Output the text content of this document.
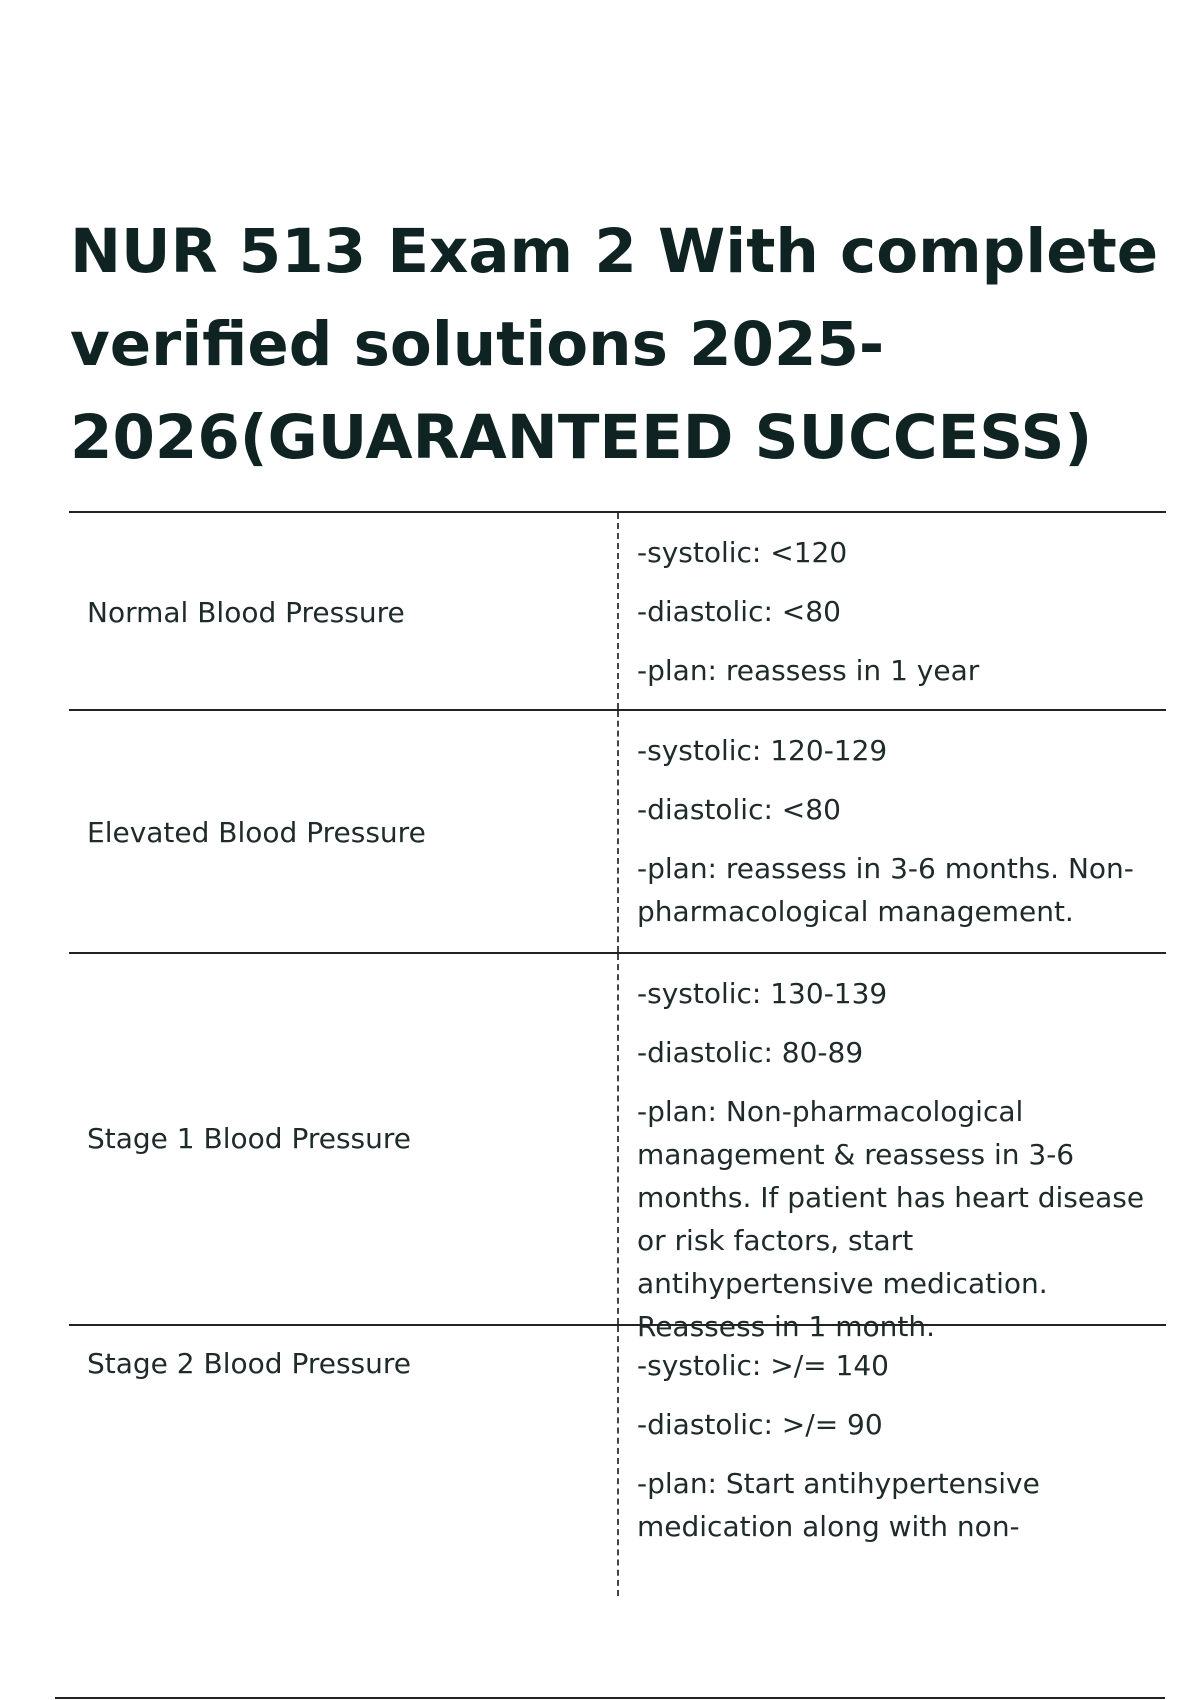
NUR 513 Exam 2 With complete
verified solutions 2025-
2026(GUARANTEED SUCCESS)
Normal Blood Pressure
-systolic: <120
-diastolic: <80
-plan: reassess in 1 year
Elevated Blood Pressure
-systolic: 120-129
-diastolic: <80
-plan: reassess in 3-6 months. Non-pharmacological management.
Stage 1 Blood Pressure
-systolic: 130-139
-diastolic: 80-89
-plan: Non-pharmacological management & reassess in 3-6 months. If patient has heart disease or risk factors, start antihypertensive medication. Reassess in 1 month.
Stage 2 Blood Pressure	-systolic: >/= 140
-diastolic: >/= 90
-plan: Start antihypertensive medication along with non-
